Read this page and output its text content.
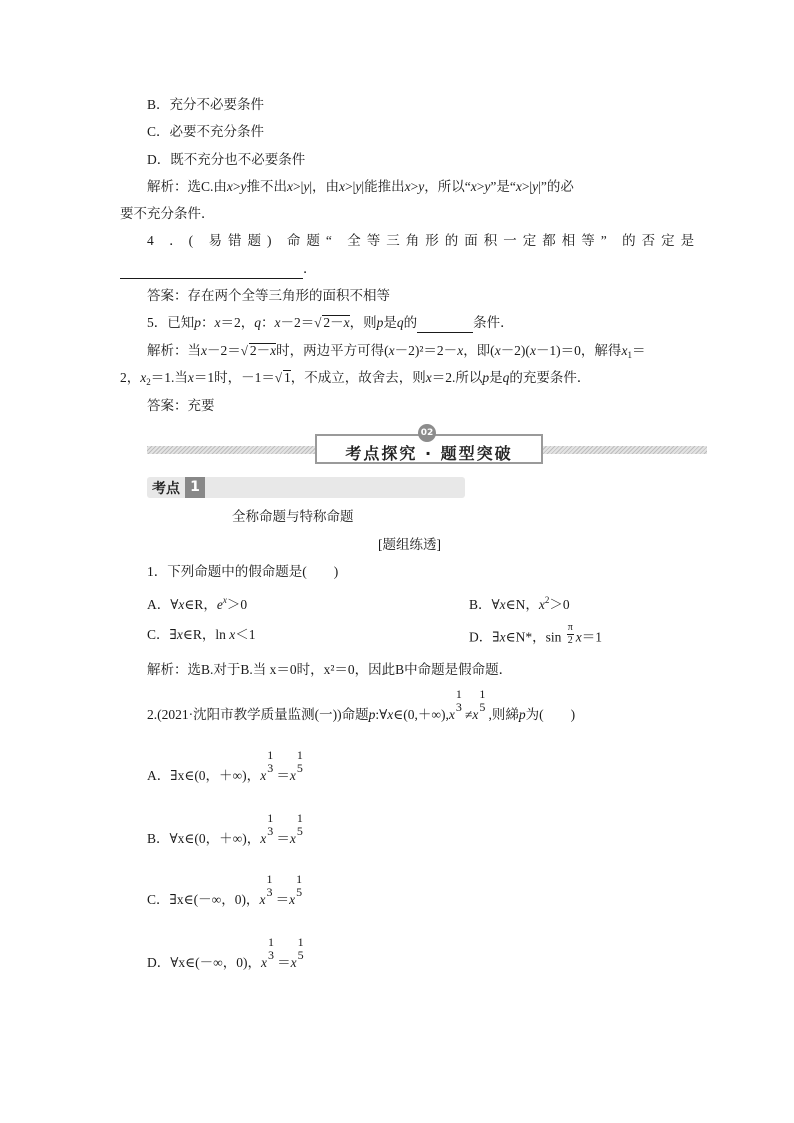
B．充分不必要条件
C．必要不充分条件
D．既不充分也不必要条件
解析：选C.由x>y推不出x>|y|，由x>|y|能推出x>y，所以“x>y”是“x>|y|”的必
要不充分条件．
4 ．( 易错题) 命题“ 全等三角形的面积一定都相等” 的否定是
．
答案：存在两个全等三角形的面积不相等
5．已知p：x＝2，q：x－2＝√ 2－x，则p是q的	条件．
解析：当x－2＝√ 2－x时，两边平方可得(x－2)²＝2－x，即(x－2)(x－1)＝0，解得$x_1=$
2，$x_2=1$.当x＝1时，－1＝√ 1，不成立，故舍去，则x＝2.所以p是q的充要条件．
答案：充要
考点探究 · 题型突破
02
考点 1
全称命题与特称命题
[题组练透]
1．下列命题中的假命题是(　　)
A．∀x∈R，$e^x>0$	B．∀x∈N，$x^2>0$
C．∃x∈R，ln x＜1	D．∃x∈N*，$\sin \frac{\pi}{2} x=1$
解析：选B.对于B.当 x＝0时，x²＝0，因此B中命题是假命题．
2.(2021·沈阳市教学质量监测(一))命题p:∀x∈(0,＋∞),x
1
3 ≠x
1
5 ,则綈p为(　　)
A．∃x∈(0，＋∞)，x
1
3 ＝x
1
5
B．∀x∈(0，＋∞)，x
1
3 ＝x
1
5
C．∃x∈(－∞，0)，x
1
3 ＝x
1
5
D．∀x∈(－∞，0)，x
1
3 ＝x
1
5
